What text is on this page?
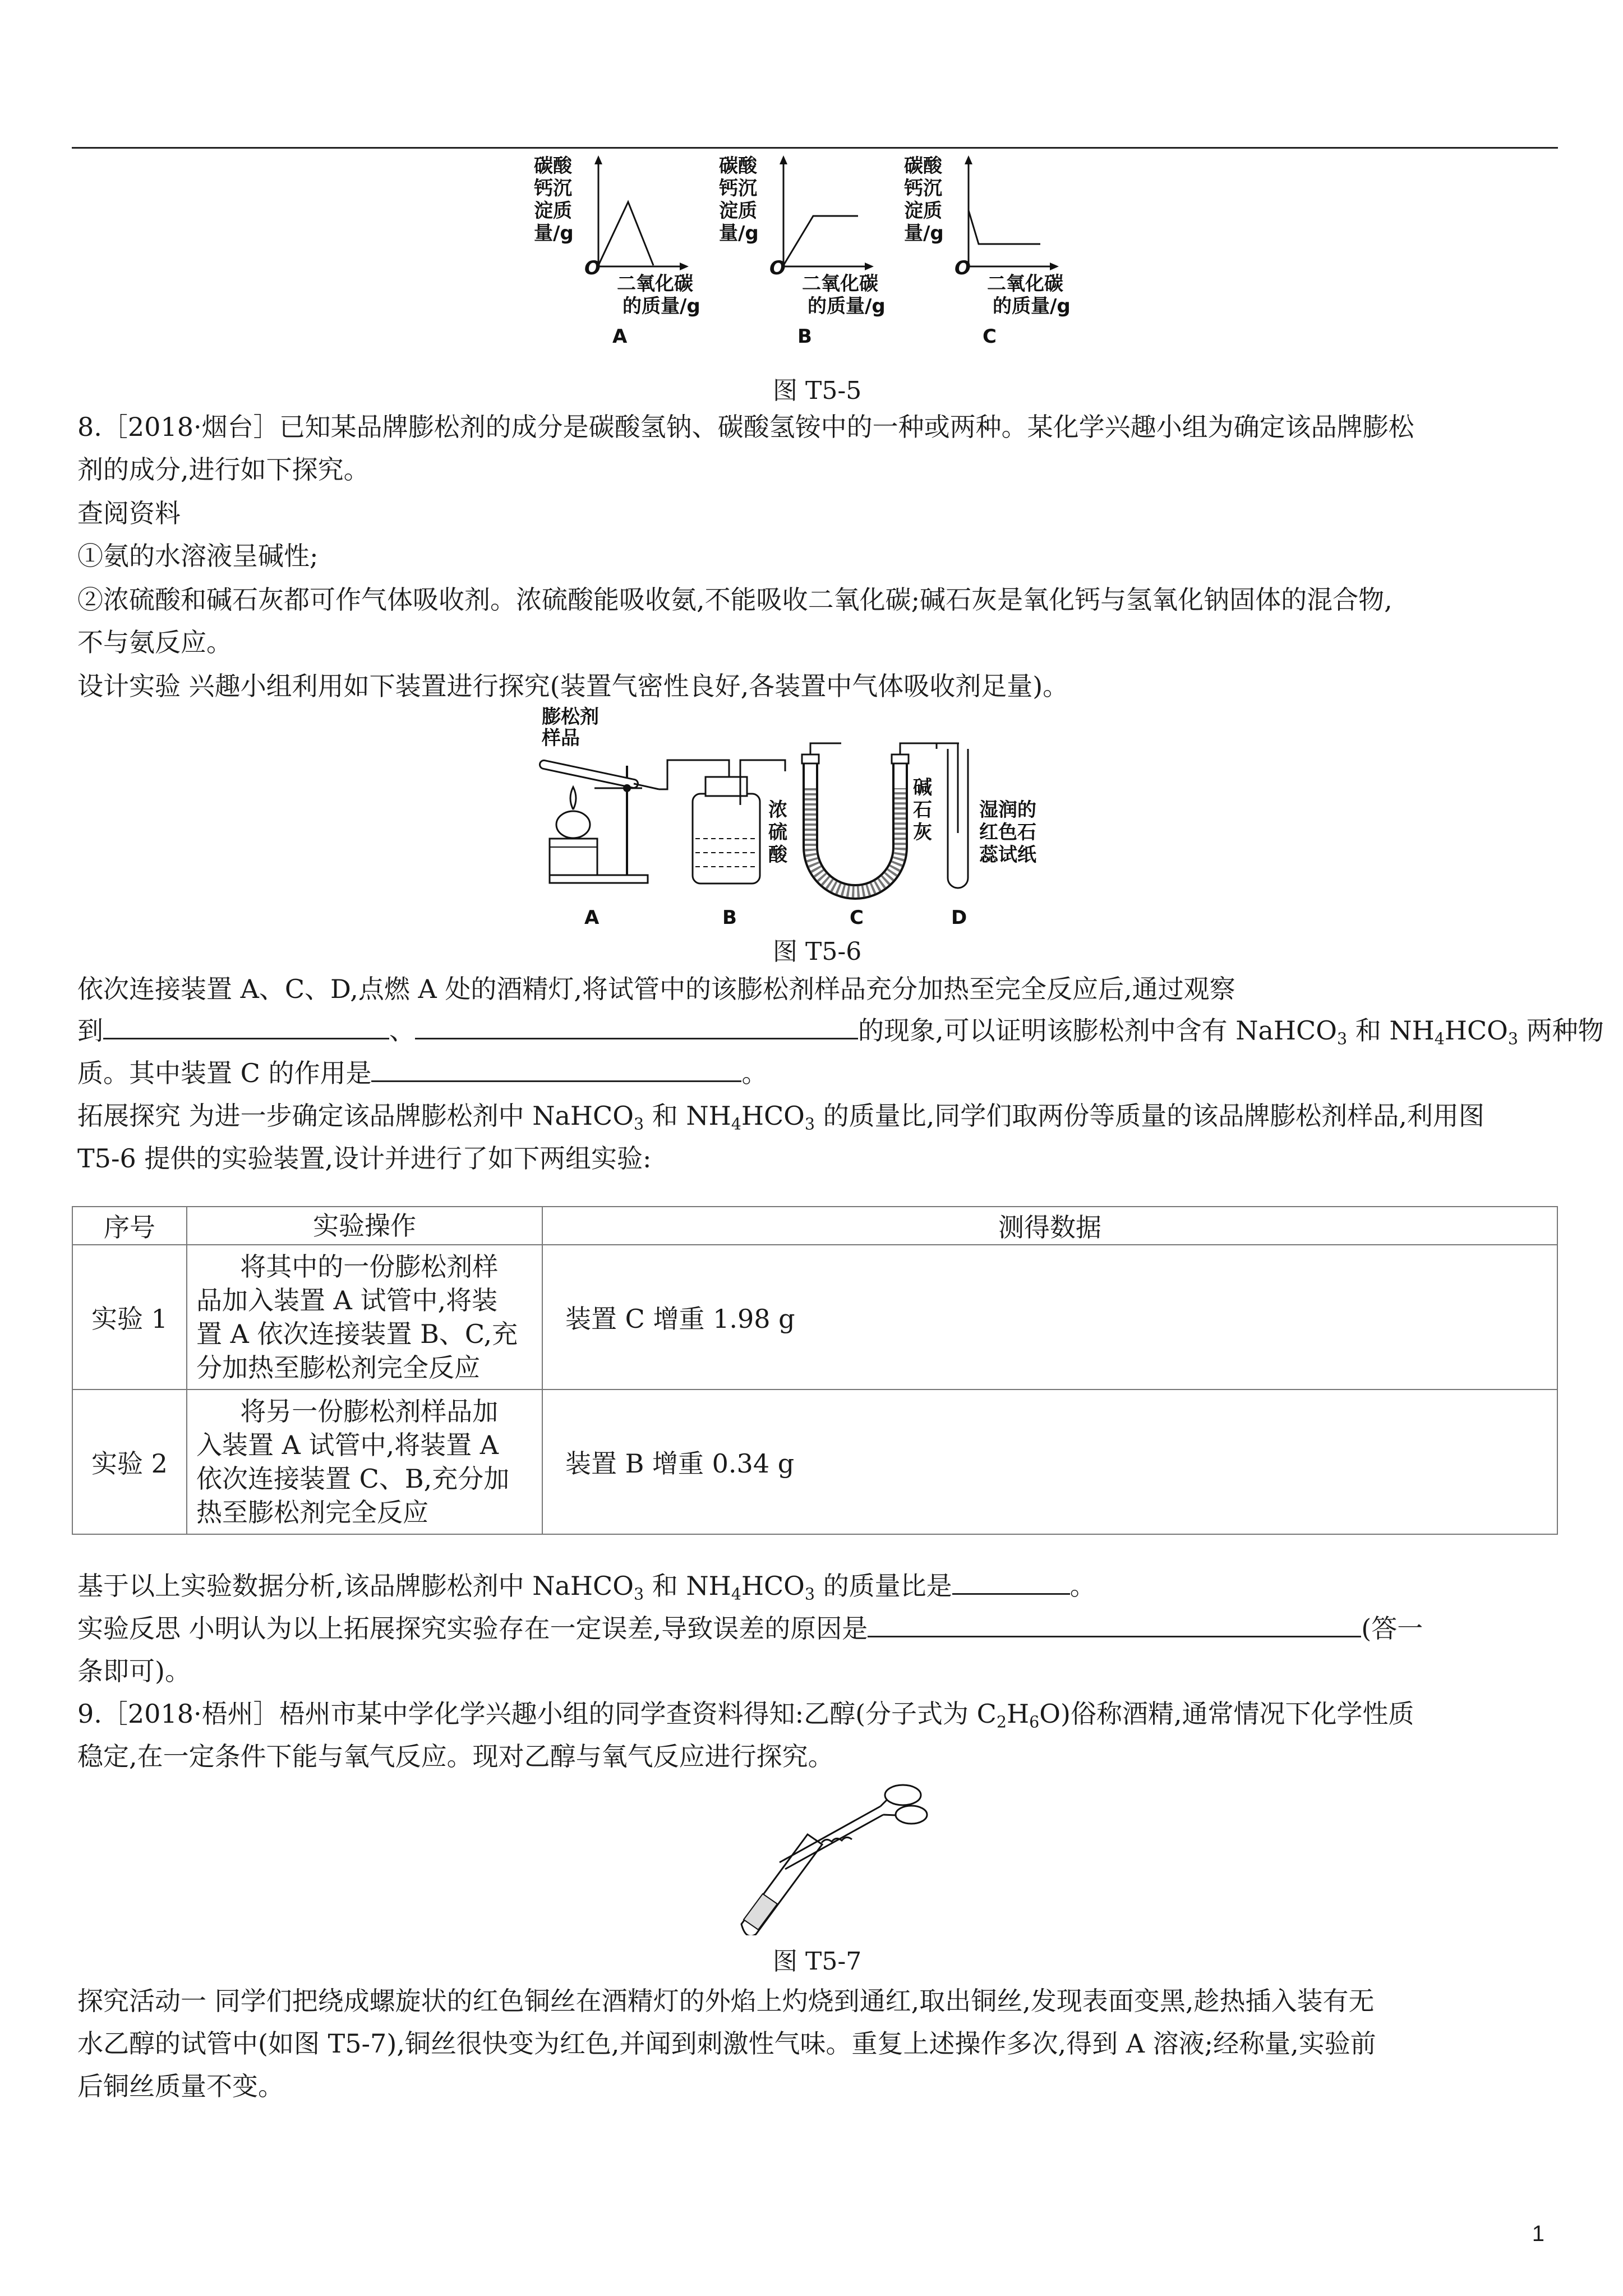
碳酸
钙沉
淀质
量/g
O
二氧化碳
的质量/g
A
碳酸
钙沉
淀质
量/g
O
二氧化碳
的质量/g
B
碳酸
钙沉
淀质
量/g
O
二氧化碳
的质量/g
C
图 T5-5
8.［2018·烟台］已知某品牌膨松剂的成分是碳酸氢钠、碳酸氢铵中的一种或两种。某化学兴趣小组为确定该品牌膨松
剂的成分,进行如下探究。
查阅资料
①氨的水溶液呈碱性;
②浓硫酸和碱石灰都可作气体吸收剂。浓硫酸能吸收氨,不能吸收二氧化碳;碱石灰是氧化钙与氢氧化钠固体的混合物,
不与氨反应。
设计实验 兴趣小组利用如下装置进行探究(装置气密性良好,各装置中气体吸收剂足量)。
膨松剂
样品
浓
硫
酸
碱
石
灰
湿润的
红色石
蕊试纸
A	B	C	D
图 T5-6
依次连接装置 A、C、D,点燃 A 处的酒精灯,将试管中的该膨松剂样品充分加热至完全反应后,通过观察
到	、	的现象,可以证明该膨松剂中含有 NaHCO$_3$ 和 $NH_4HCO_3$ 两种物
质。其中装置 C 的作用是	。
拓展探究 为进一步确定该品牌膨松剂中 NaHCO$_3$ 和 $NH_4HCO_3$ 的质量比,同学们取两份等质量的该品牌膨松剂样品,利用图
T5-6 提供的实验装置,设计并进行了如下两组实验:
序号	实验操作	测得数据
实验 1	将其中的一份膨松剂样
品加入装置 A 试管中,将装
置 A 依次连接装置 B、C,充
分加热至膨松剂完全反应	装置 C 增重 1.98 g
实验 2	将另一份膨松剂样品加
入装置 A 试管中,将装置 A
依次连接装置 C、B,充分加
热至膨松剂完全反应	装置 B 增重 0.34 g
基于以上实验数据分析,该品牌膨松剂中 NaHCO$_3$ 和 $NH_4HCO_3$ 的质量比是	。
实验反思 小明认为以上拓展探究实验存在一定误差,导致误差的原因是	(答一
条即可)。
9.［2018·梧州］梧州市某中学化学兴趣小组的同学查资料得知:乙醇(分子式为 $C_2H_6O$)俗称酒精,通常情况下化学性质
稳定,在一定条件下能与氧气反应。现对乙醇与氧气反应进行探究。
图 T5-7
探究活动一 同学们把绕成螺旋状的红色铜丝在酒精灯的外焰上灼烧到通红,取出铜丝,发现表面变黑,趁热插入装有无
水乙醇的试管中(如图 T5-7),铜丝很快变为红色,并闻到刺激性气味。重复上述操作多次,得到 A 溶液;经称量,实验前
后铜丝质量不变。
1
